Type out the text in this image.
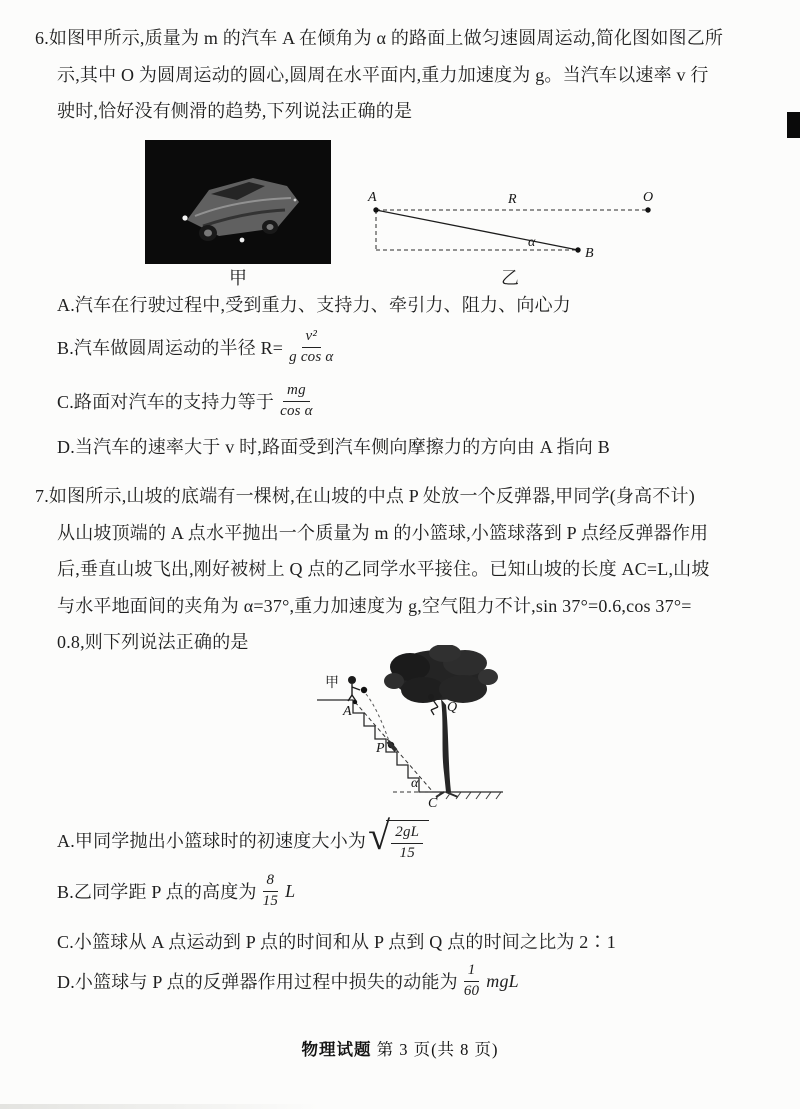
6.如图甲所示,质量为 m 的汽车 A 在倾角为 α 的路面上做匀速圆周运动,简化图如图乙所
示,其中 O 为圆周运动的圆心,圆周在水平面内,重力加速度为 g。当汽车以速率 v 行
驶时,恰好没有侧滑的趋势,下列说法正确的是
甲
A	R	O
α
B
乙
A.汽车在行驶过程中,受到重力、支持力、牵引力、阻力、向心力
B.汽车做圆周运动的半径 $R= \frac{\text{v²}}{\text{g cos α}}$
C.路面对汽车的支持力等于 $\frac{mg}{\text{cos α}}$
D.当汽车的速率大于 v 时,路面受到汽车侧向摩擦力的方向由 A 指向 B
7.如图所示,山坡的底端有一棵树,在山坡的中点 P 处放一个反弹器,甲同学(身高不计)
从山坡顶端的 A 点水平抛出一个质量为 m 的小篮球,小篮球落到 P 点经反弹器作用
后,垂直山坡飞出,刚好被树上 Q 点的乙同学水平接住。已知山坡的长度 AC=L,山坡
与水平地面间的夹角为 α=37°,重力加速度为 g,空气阻力不计,sin 37°=0.6,cos 37°=
0.8,则下列说法正确的是
甲
A
P
Q
α
C
A.甲同学抛出小篮球时的初速度大小为 √ $\frac{2gL}{15}$
B.乙同学距 P 点的高度为 $\frac{8}{15}$ L
C.小篮球从 A 点运动到 P 点的时间和从 P 点到 Q 点的时间之比为 2∶1
D.小篮球与 P 点的反弹器作用过程中损失的动能为 $\frac{1}{60}$ mgL
物理试题 第 3 页(共 8 页)
